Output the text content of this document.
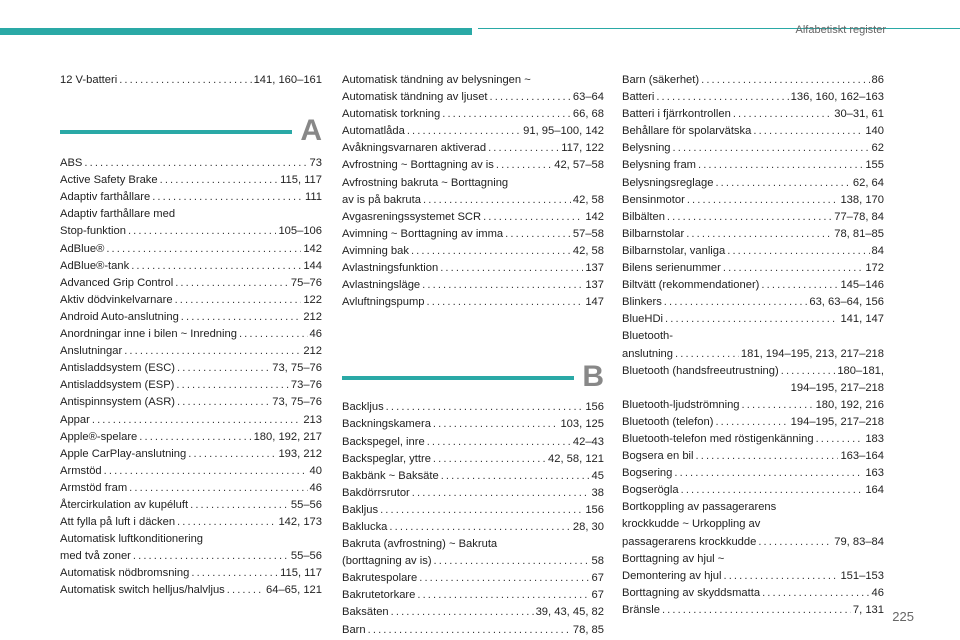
Alfabetiskt register
12 V-batteri . . .	141, 160–161
A
ABS . . .	73
Active Safety Brake . . .	115, 117
Adaptiv farthållare . . .	111
Adaptiv farthållare med
Stop-funktion . . .	105–106
AdBlue® . . .	142
AdBlue®-tank . . .	144
Advanced Grip Control . . .	75–76
Aktiv dödvinkelvarnare . . .	122
Android Auto-anslutning . . .	212
Anordningar inne i bilen ~ Inredning . . .	46
Anslutningar . . .	212
Antisladdsystem (ESC) . . .	73, 75–76
Antisladdsystem (ESP) . . .	73–76
Antispinnsystem (ASR) . . .	73, 75–76
Appar . . .	213
Apple®-spelare . . .	180, 192, 217
Apple CarPlay-anslutning . . .	193, 212
Armstöd . . .	40
Armstöd fram . . .	46
Återcirkulation av kupéluft . . .	55–56
Att fylla på luft i däcken . . .	142, 173
Automatisk luftkonditionering
med två zoner . . .	55–56
Automatisk nödbromsning . . .	115, 117
Automatisk switch helljus/halvljus . . .	64–65, 121
Automatisk tändning av belysningen ~
Automatisk tändning av ljuset . . .	63–64
Automatisk torkning . . .	66, 68
Automatlåda . . .	91, 95–100, 142
Avåkningsvarnaren aktiverad . . .	117, 122
Avfrostning ~ Borttagning av is . . .	42, 57–58
Avfrostning bakruta ~ Borttagning
av is på bakruta . . .	42, 58
Avgasreningssystemet SCR . . .	142
Avimning ~ Borttagning av imma . . .	57–58
Avimning bak . . .	42, 58
Avlastningsfunktion . . .	137
Avlastningsläge . . .	137
Avluftningspump . . .	147
B
Backljus . . .	156
Backningskamera . . .	103, 125
Backspegel, inre . . .	42–43
Backspeglar, yttre . . .	42, 58, 121
Bakbänk ~ Baksäte . . .	45
Bakdörrsrutor . . .	38
Bakljus . . .	156
Baklucka . . .	28, 30
Bakruta (avfrostning) ~ Bakruta
(borttagning av is) . . .	58
Bakrutespolare . . .	67
Bakrutetorkare . . .	67
Baksäten . . .	39, 43, 45, 82
Barn . . .	78, 85
Barn (säkerhet) . . .	86
Batteri . . .	136, 160, 162–163
Batteri i fjärrkontrollen . . .	30–31, 61
Behållare för spolarvätska . . .	140
Belysning . . .	62
Belysning fram . . .	155
Belysningsreglage . . .	62, 64
Bensinmotor . . .	138, 170
Bilbälten . . .	77–78, 84
Bilbarnstolar . . .	78, 81–85
Bilbarnstolar, vanliga . . .	84
Bilens serienummer . . .	172
Biltvätt (rekommendationer) . . .	145–146
Blinkers . . .	63, 63–64, 156
BlueHDi . . .	141, 147
Bluetooth-
anslutning . . .	181, 194–195, 213, 217–218
Bluetooth (handsfreeutrustning) . . .	180–181,
194–195, 217–218
Bluetooth-ljudströmning . . .	180, 192, 216
Bluetooth (telefon) . . .	194–195, 217–218
Bluetooth-telefon med röstigenkänning . . .	183
Bogsera en bil . . .	163–164
Bogsering . . .	163
Bogserögla . . .	164
Bortkoppling av passagerarens
krockkudde ~ Urkoppling av
passagerarens krockkudde . . .	79, 83–84
Borttagning av hjul ~
Demontering av hjul . . .	151–153
Borttagning av skyddsmatta . . .	46
Bränsle . . .	7, 131 225
